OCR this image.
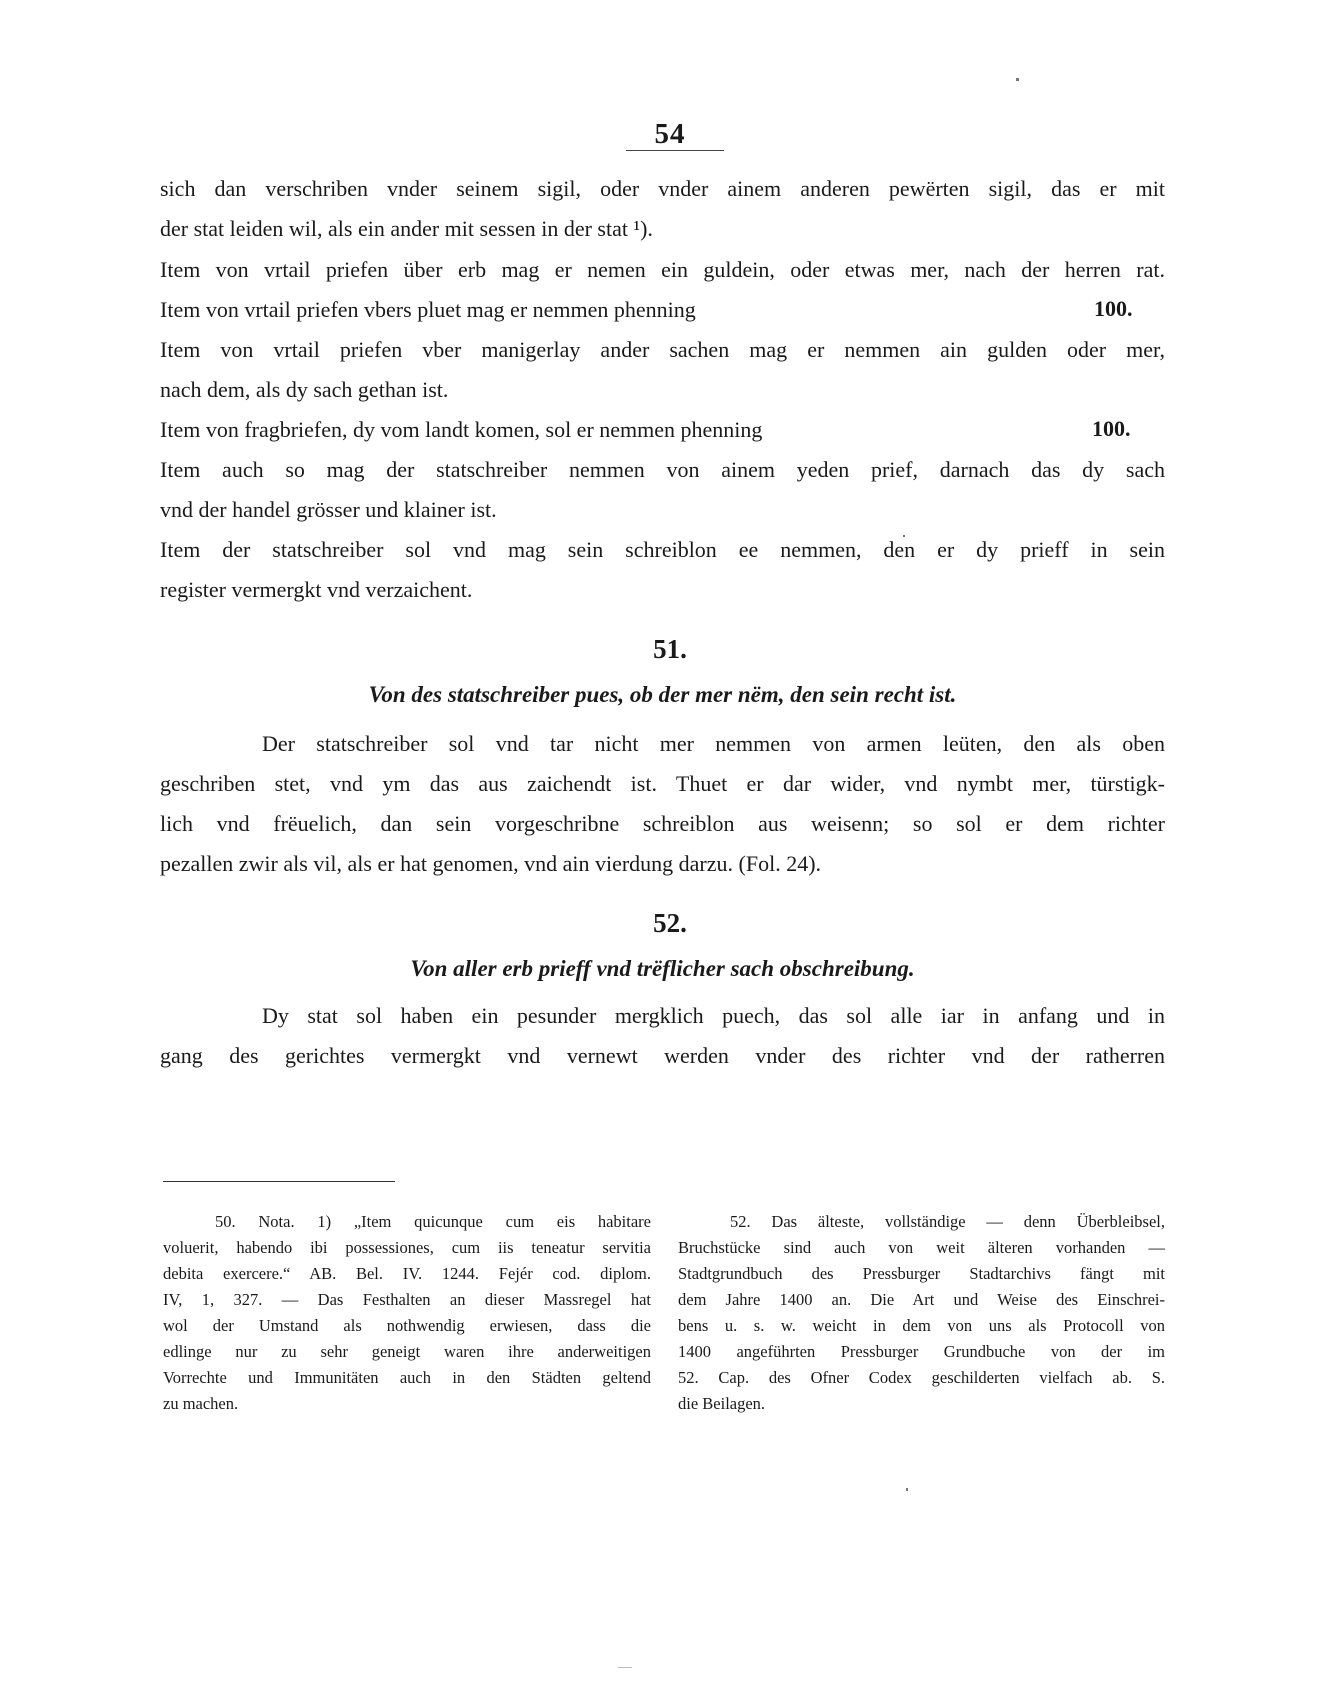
54
sich dan verschriben vnder seinem sigil, oder vnder ainem anderen pewërten sigil, das er mit
der stat leiden wil, als ein ander mit sessen in der stat ¹).
Item von vrtail priefen über erb mag er nemen ein guldein, oder etwas mer, nach der herren rat.
Item von vrtail priefen vbers pluet mag er nemmen phenning	100.
Item von vrtail priefen vber manigerlay ander sachen mag er nemmen ain gulden oder mer,
nach dem, als dy sach gethan ist.
Item von fragbriefen, dy vom landt komen, sol er nemmen phenning	100.
Item auch so mag der statschreiber nemmen von ainem yeden prief, darnach das dy sach
vnd der handel grösser und klainer ist.
Item der statschreiber sol vnd mag sein schreiblon ee nemmen, den er dy prieff in sein
register vermergkt vnd verzaichent.
51.
Von des statschreiber pues, ob der mer nëm, den sein recht ist.
Der statschreiber sol vnd tar nicht mer nemmen von armen leüten, den als oben
geschriben stet, vnd ym das aus zaichendt ist. Thuet er dar wider, vnd nymbt mer, türstigk-
lich vnd frëuelich, dan sein vorgeschribne schreiblon aus weisenn; so sol er dem richter
pezallen zwir als vil, als er hat genomen, vnd ain vierdung darzu. (Fol. 24).
52.
Von aller erb prieff vnd trëflicher sach obschreibung.
Dy stat sol haben ein pesunder mergklich puech, das sol alle iar in anfang und in
gang des gerichtes vermergkt vnd vernewt werden vnder des richter vnd der ratherren
50. Nota. 1) „Item quicunque cum eis habitare
voluerit, habendo ibi possessiones, cum iis teneatur servitia
debita exercere.“ AB. Bel. IV. 1244. Fejér cod. diplom.
IV, 1, 327. — Das Festhalten an dieser Massregel hat
wol der Umstand als nothwendig erwiesen, dass die
edlinge nur zu sehr geneigt waren ihre anderweitigen
Vorrechte und Immunitäten auch in den Städten geltend
zu machen.
52. Das älteste, vollständige — denn Überbleibsel,
Bruchstücke sind auch von weit älteren vorhanden —
Stadtgrundbuch des Pressburger Stadtarchivs fängt mit
dem Jahre 1400 an. Die Art und Weise des Einschrei-
bens u. s. w. weicht in dem von uns als Protocoll von
1400 angeführten Pressburger Grundbuche von der im
52. Cap. des Ofner Codex geschilderten vielfach ab. S.
die Beilagen.
